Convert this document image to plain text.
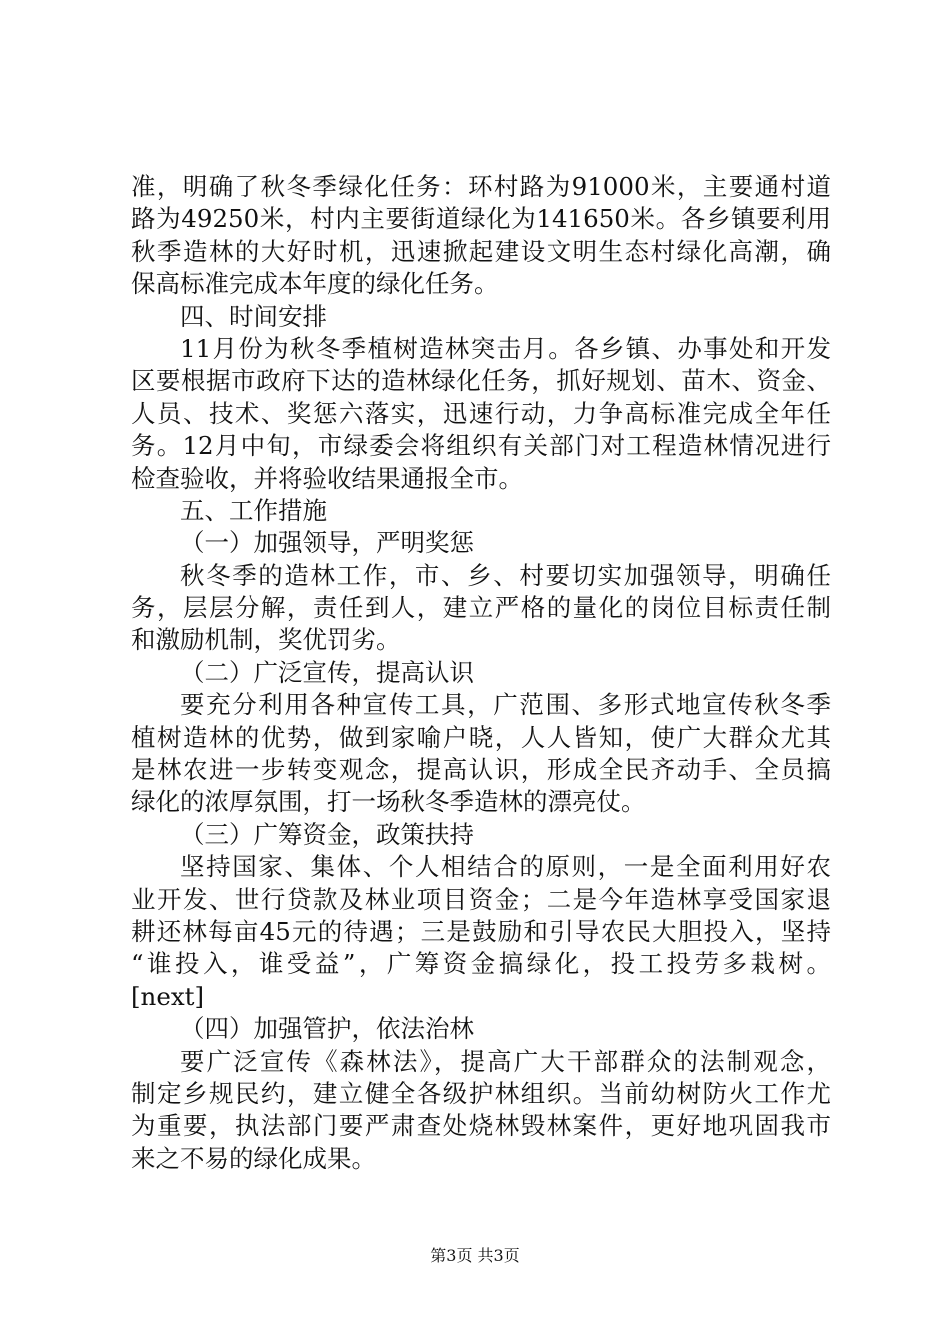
准，明确了秋冬季绿化任务：环村路为91000米，主要通村道
路为49250米，村内主要街道绿化为141650米。各乡镇要利用
秋季造林的大好时机，迅速掀起建设文明生态村绿化高潮，确
保高标准完成本年度的绿化任务。
四、时间安排
11月份为秋冬季植树造林突击月。各乡镇、办事处和开发
区要根据市政府下达的造林绿化任务，抓好规划、苗木、资金、
人员、技术、奖惩六落实，迅速行动，力争高标准完成全年任
务。12月中旬，市绿委会将组织有关部门对工程造林情况进行
检查验收，并将验收结果通报全市。
五、工作措施
（一）加强领导，严明奖惩
秋冬季的造林工作，市、乡、村要切实加强领导，明确任
务，层层分解，责任到人，建立严格的量化的岗位目标责任制
和激励机制，奖优罚劣。
（二）广泛宣传，提高认识
要充分利用各种宣传工具，广范围、多形式地宣传秋冬季
植树造林的优势，做到家喻户晓，人人皆知，使广大群众尤其
是林农进一步转变观念，提高认识，形成全民齐动手、全员搞
绿化的浓厚氛围，打一场秋冬季造林的漂亮仗。
（三）广筹资金，政策扶持
坚持国家、集体、个人相结合的原则，一是全面利用好农
业开发、世行贷款及林业项目资金；二是今年造林享受国家退
耕还林每亩45元的待遇；三是鼓励和引导农民大胆投入，坚持
“谁投入，谁受益”，广筹资金搞绿化，投工投劳多栽树。
[next]
（四）加强管护，依法治林
要广泛宣传《森林法》，提高广大干部群众的法制观念，
制定乡规民约，建立健全各级护林组织。当前幼树防火工作尤
为重要，执法部门要严肃查处烧林毁林案件，更好地巩固我市
来之不易的绿化成果。
第3页 共3页
